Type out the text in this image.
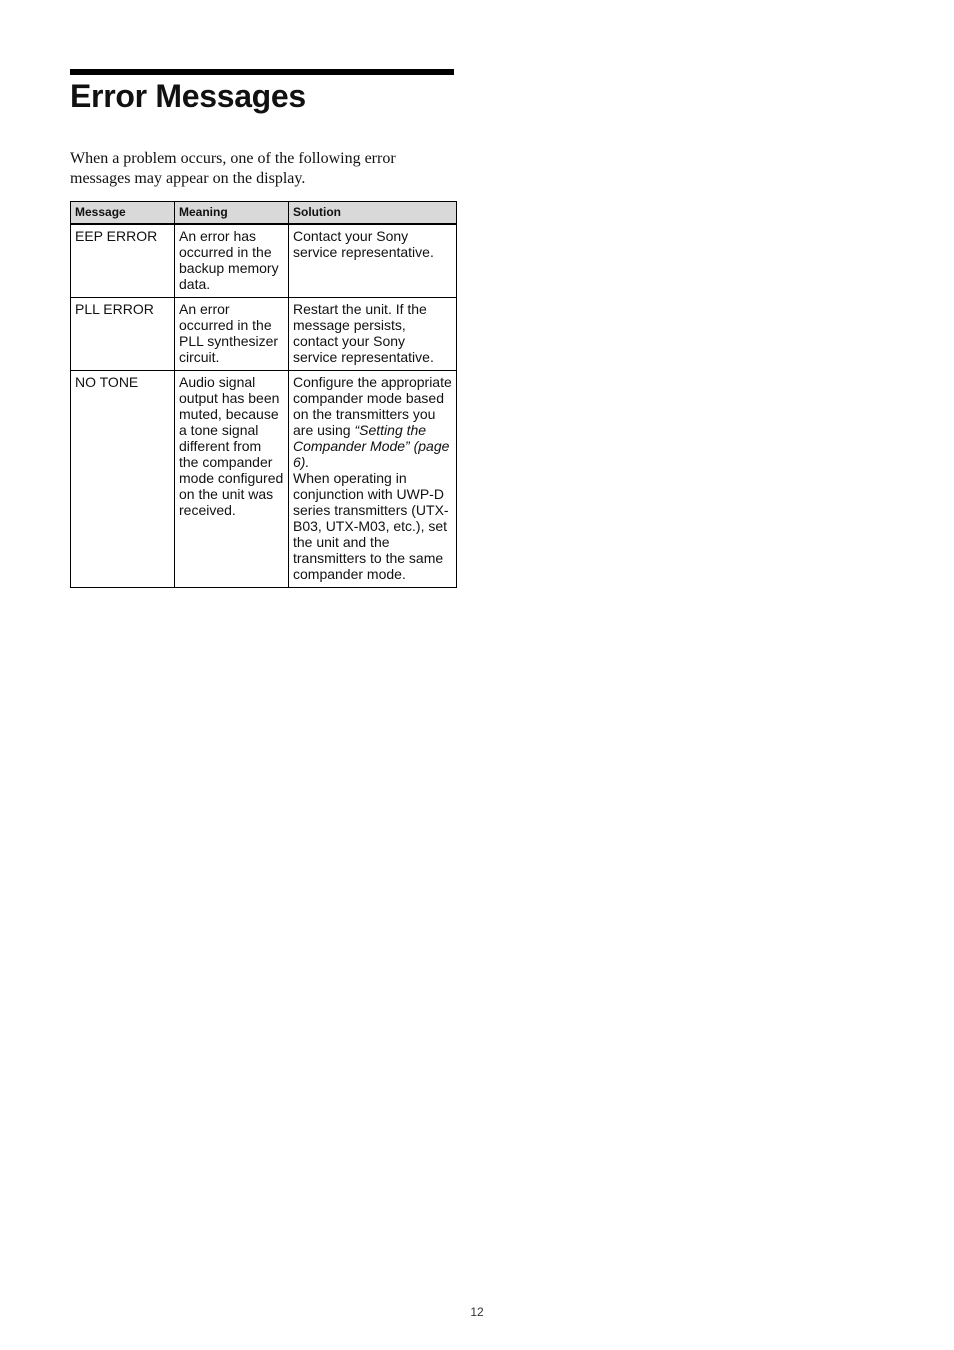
Error Messages

When a problem occurs, one of the following error messages may appear on the display.

Message	Meaning	Solution
EEP ERROR	An error has occurred in the backup memory data.	Contact your Sony service representative.
PLL ERROR	An error occurred in the PLL synthesizer circuit.	Restart the unit. If the message persists, contact your Sony service representative.
NO TONE	Audio signal output has been muted, because a tone signal different from the compander mode configured on the unit was received.	Configure the appropriate compander mode based on the transmitters you are using “Setting the Compander Mode” (page 6).
When operating in conjunction with UWP-D series transmitters (UTX-B03, UTX-M03, etc.), set the unit and the transmitters to the same compander mode.
12
